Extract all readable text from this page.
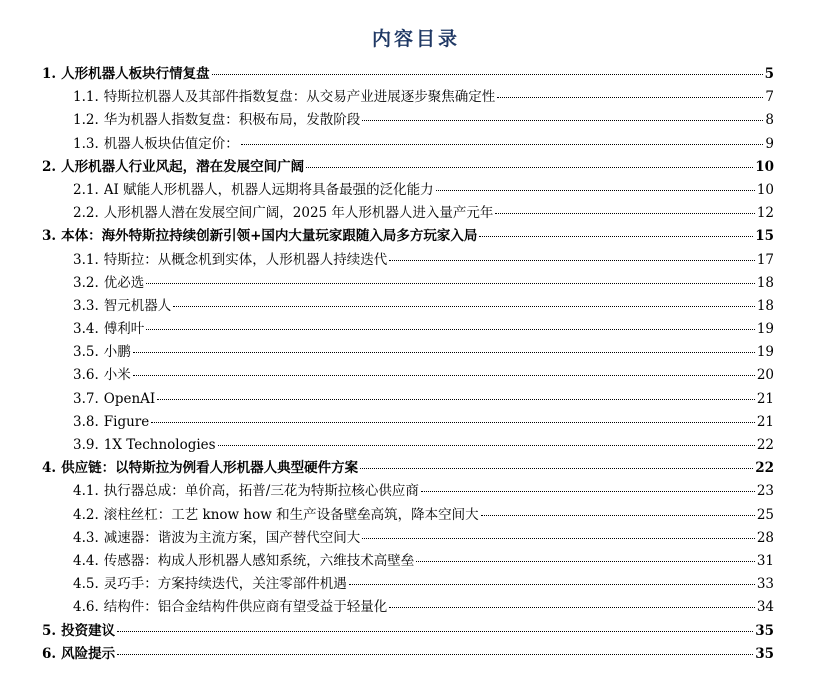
内容目录
1. 人形机器人板块行情复盘	5
1.1. 特斯拉机器人及其部件指数复盘：从交易产业进展逐步聚焦确定性	7
1.2. 华为机器人指数复盘：积极布局，发散阶段	8
1.3. 机器人板块估值定价：	9
2. 人形机器人行业风起，潜在发展空间广阔	10
2.1. AI 赋能人形机器人，机器人远期将具备最强的泛化能力	10
2.2. 人形机器人潜在发展空间广阔，2025 年人形机器人进入量产元年	12
3. 本体：海外特斯拉持续创新引领+国内大量玩家跟随入局多方玩家入局	15
3.1. 特斯拉：从概念机到实体，人形机器人持续迭代	17
3.2. 优必选	18
3.3. 智元机器人	18
3.4. 傅利叶	19
3.5. 小鹏	19
3.6. 小米	20
3.7. OpenAI	21
3.8. Figure	21
3.9. 1X Technologies	22
4. 供应链：以特斯拉为例看人形机器人典型硬件方案	22
4.1. 执行器总成：单价高，拓普/三花为特斯拉核心供应商	23
4.2. 滚柱丝杠：工艺 know how 和生产设备壁垒高筑，降本空间大	25
4.3. 减速器：谐波为主流方案，国产替代空间大	28
4.4. 传感器：构成人形机器人感知系统，六维技术高壁垒	31
4.5. 灵巧手：方案持续迭代，关注零部件机遇	33
4.6. 结构件：铝合金结构件供应商有望受益于轻量化	34
5. 投资建议	35
6. 风险提示	35
